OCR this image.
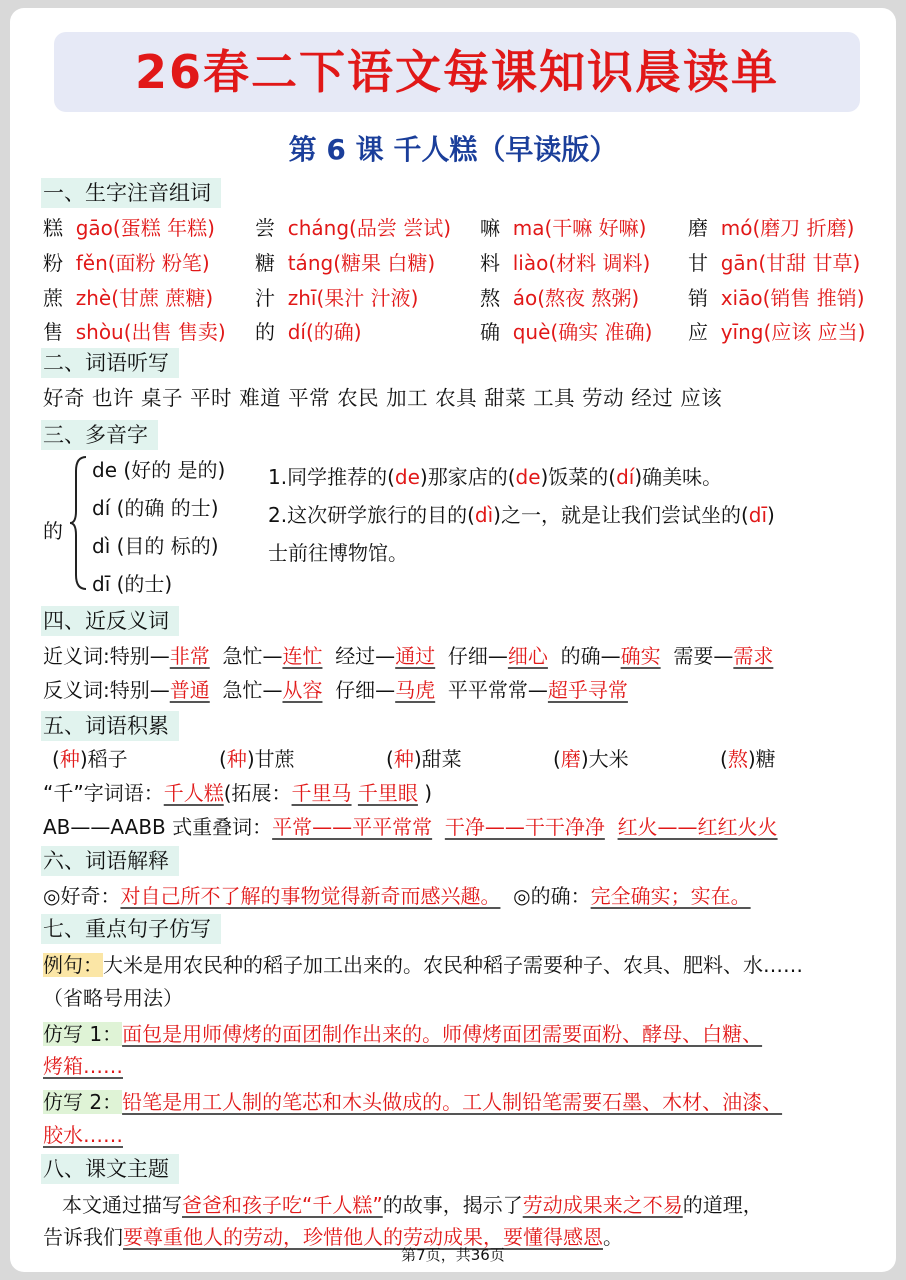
26春二下语文每课知识晨读单
第 6 课 千人糕（早读版）
一、生字注音组词
糕 gāo(蛋糕 年糕) 尝 cháng(品尝 尝试) 嘛 ma(干嘛 好嘛) 磨 mó(磨刀 折磨)
粉 fěn(面粉 粉笔) 糖 táng(糖果 白糖) 料 liào(材料 调料) 甘 gān(甘甜 甘草)
蔗 zhè(甘蔗 蔗糖) 汁 zhī(果汁 汁液)	熬 áo(熬夜 熬粥) 销 xiāo(销售 推销)
售 shòu(出售 售卖) 的 dí(的确)	确 què(确实 准确) 应 yīng(应该 应当)
二、词语听写
好奇 也许 桌子 平时 难道 平常 农民 加工 农具 甜菜 工具 劳动 经过 应该
三、多音字
的
de (好的 是的)
dí (的确 的士)
dì (目的 标的)
dī (的士)
1.同学推荐的(de)那家店的(de)饭菜的(dí)确美味。
2.这次研学旅行的目的(dì)之一，就是让我们尝试坐的(dī)
士前往博物馆。
四、近反义词
近义词:特别—非常 急忙—连忙 经过—通过 仔细—细心 的确—确实 需要—需求
反义词:特别—普通 急忙—从容 仔细—马虎 平平常常—超乎寻常
五、词语积累
(种)稻子	(种)甘蔗	(种)甜菜	(磨)大米	(熬)糖
“千”字词语：千人糕(拓展：千里马 千里眼 )
AB——AABB 式重叠词：平常——平平常常 干净——干干净净 红火——红红火火
六、词语解释
◎好奇：对自己所不了解的事物觉得新奇而感兴趣。 ◎的确：完全确实；实在。
七、重点句子仿写
例句：大米是用农民种的稻子加工出来的。农民种稻子需要种子、农具、肥料、水……
（省略号用法）
仿写 1：面包是用师傅烤的面团制作出来的。师傅烤面团需要面粉、酵母、白糖、
烤箱……
仿写 2：铅笔是用工人制的笔芯和木头做成的。工人制铅笔需要石墨、木材、油漆、
胶水……
八、课文主题
本文通过描写爸爸和孩子吃“千人糕”的故事，揭示了劳动成果来之不易的道理，
告诉我们要尊重他人的劳动，珍惜他人的劳动成果，要懂得感恩。
第7页，共36页
